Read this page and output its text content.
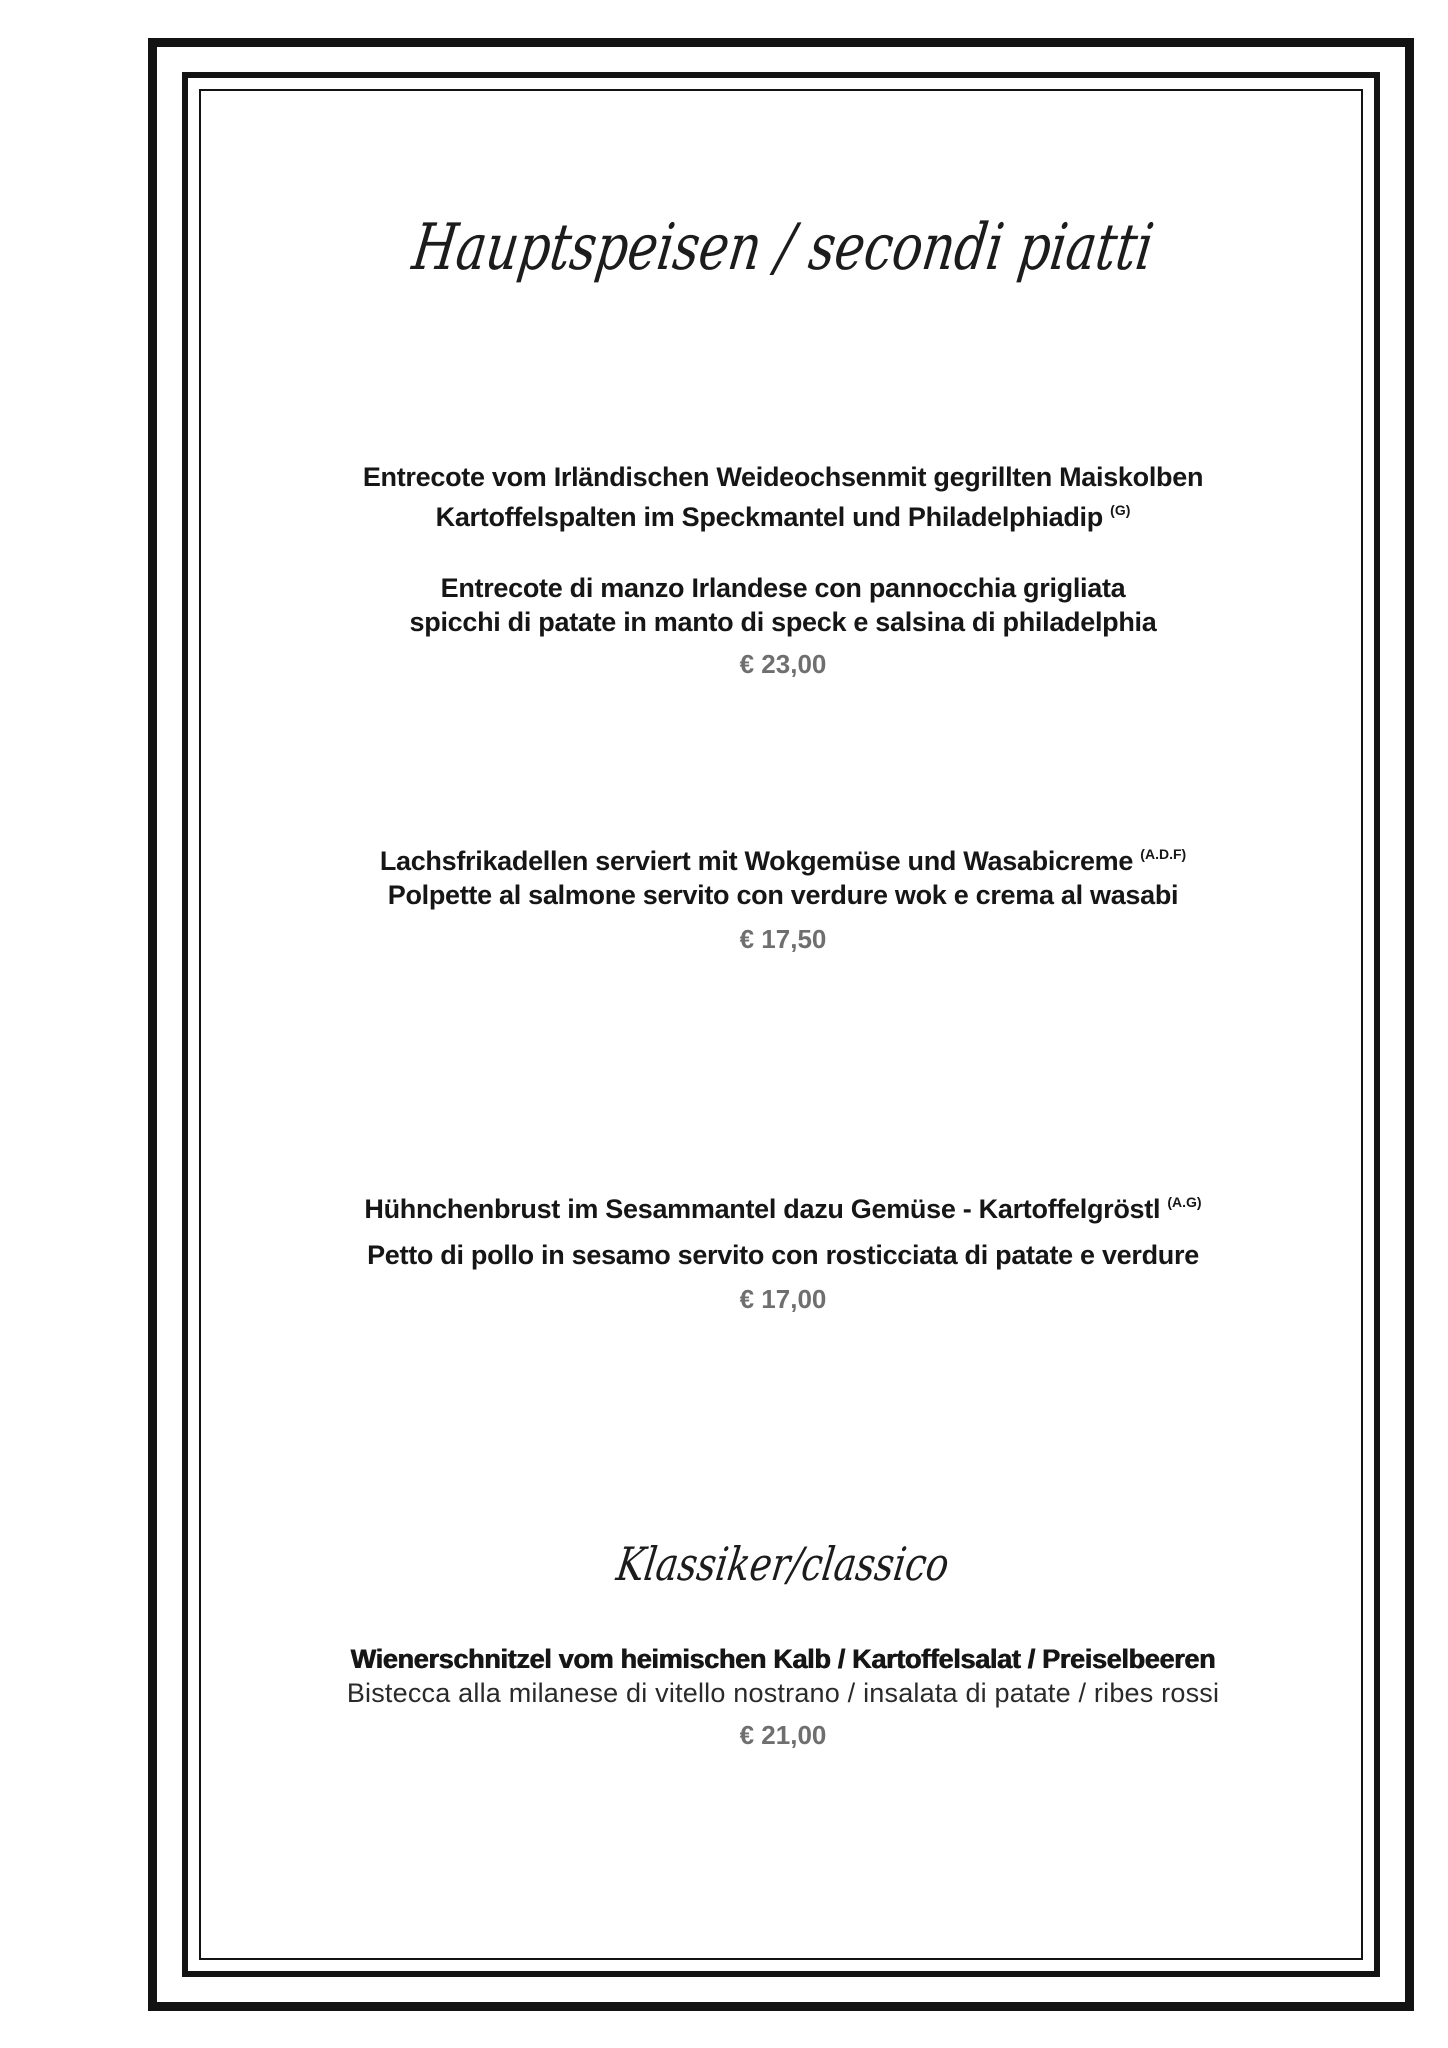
Hauptspeisen / secondi piatti
Entrecote vom Irländischen Weideochsenmit gegrillten Maiskolben
Kartoffelspalten im Speckmantel und Philadelphiadip $^{(G)}$
Entrecote di manzo Irlandese con pannocchia grigliata
spicchi di patate in manto di speck e salsina di philadelphia
€ 23,00
Lachsfrikadellen serviert mit Wokgemüse und Wasabicreme $^{(A.D.F)}$
Polpette al salmone servito con verdure wok e crema al wasabi
€ 17,50
Hühnchenbrust im Sesammantel dazu Gemüse - Kartoffelgröstl $^{(A.G)}$
Petto di pollo in sesamo servito con rosticciata di patate e verdure
€ 17,00
Klassiker/classico
Wienerschnitzel vom heimischen Kalb / Kartoffelsalat / Preiselbeeren
Bistecca alla milanese di vitello nostrano / insalata di patate / ribes rossi
€ 21,00
